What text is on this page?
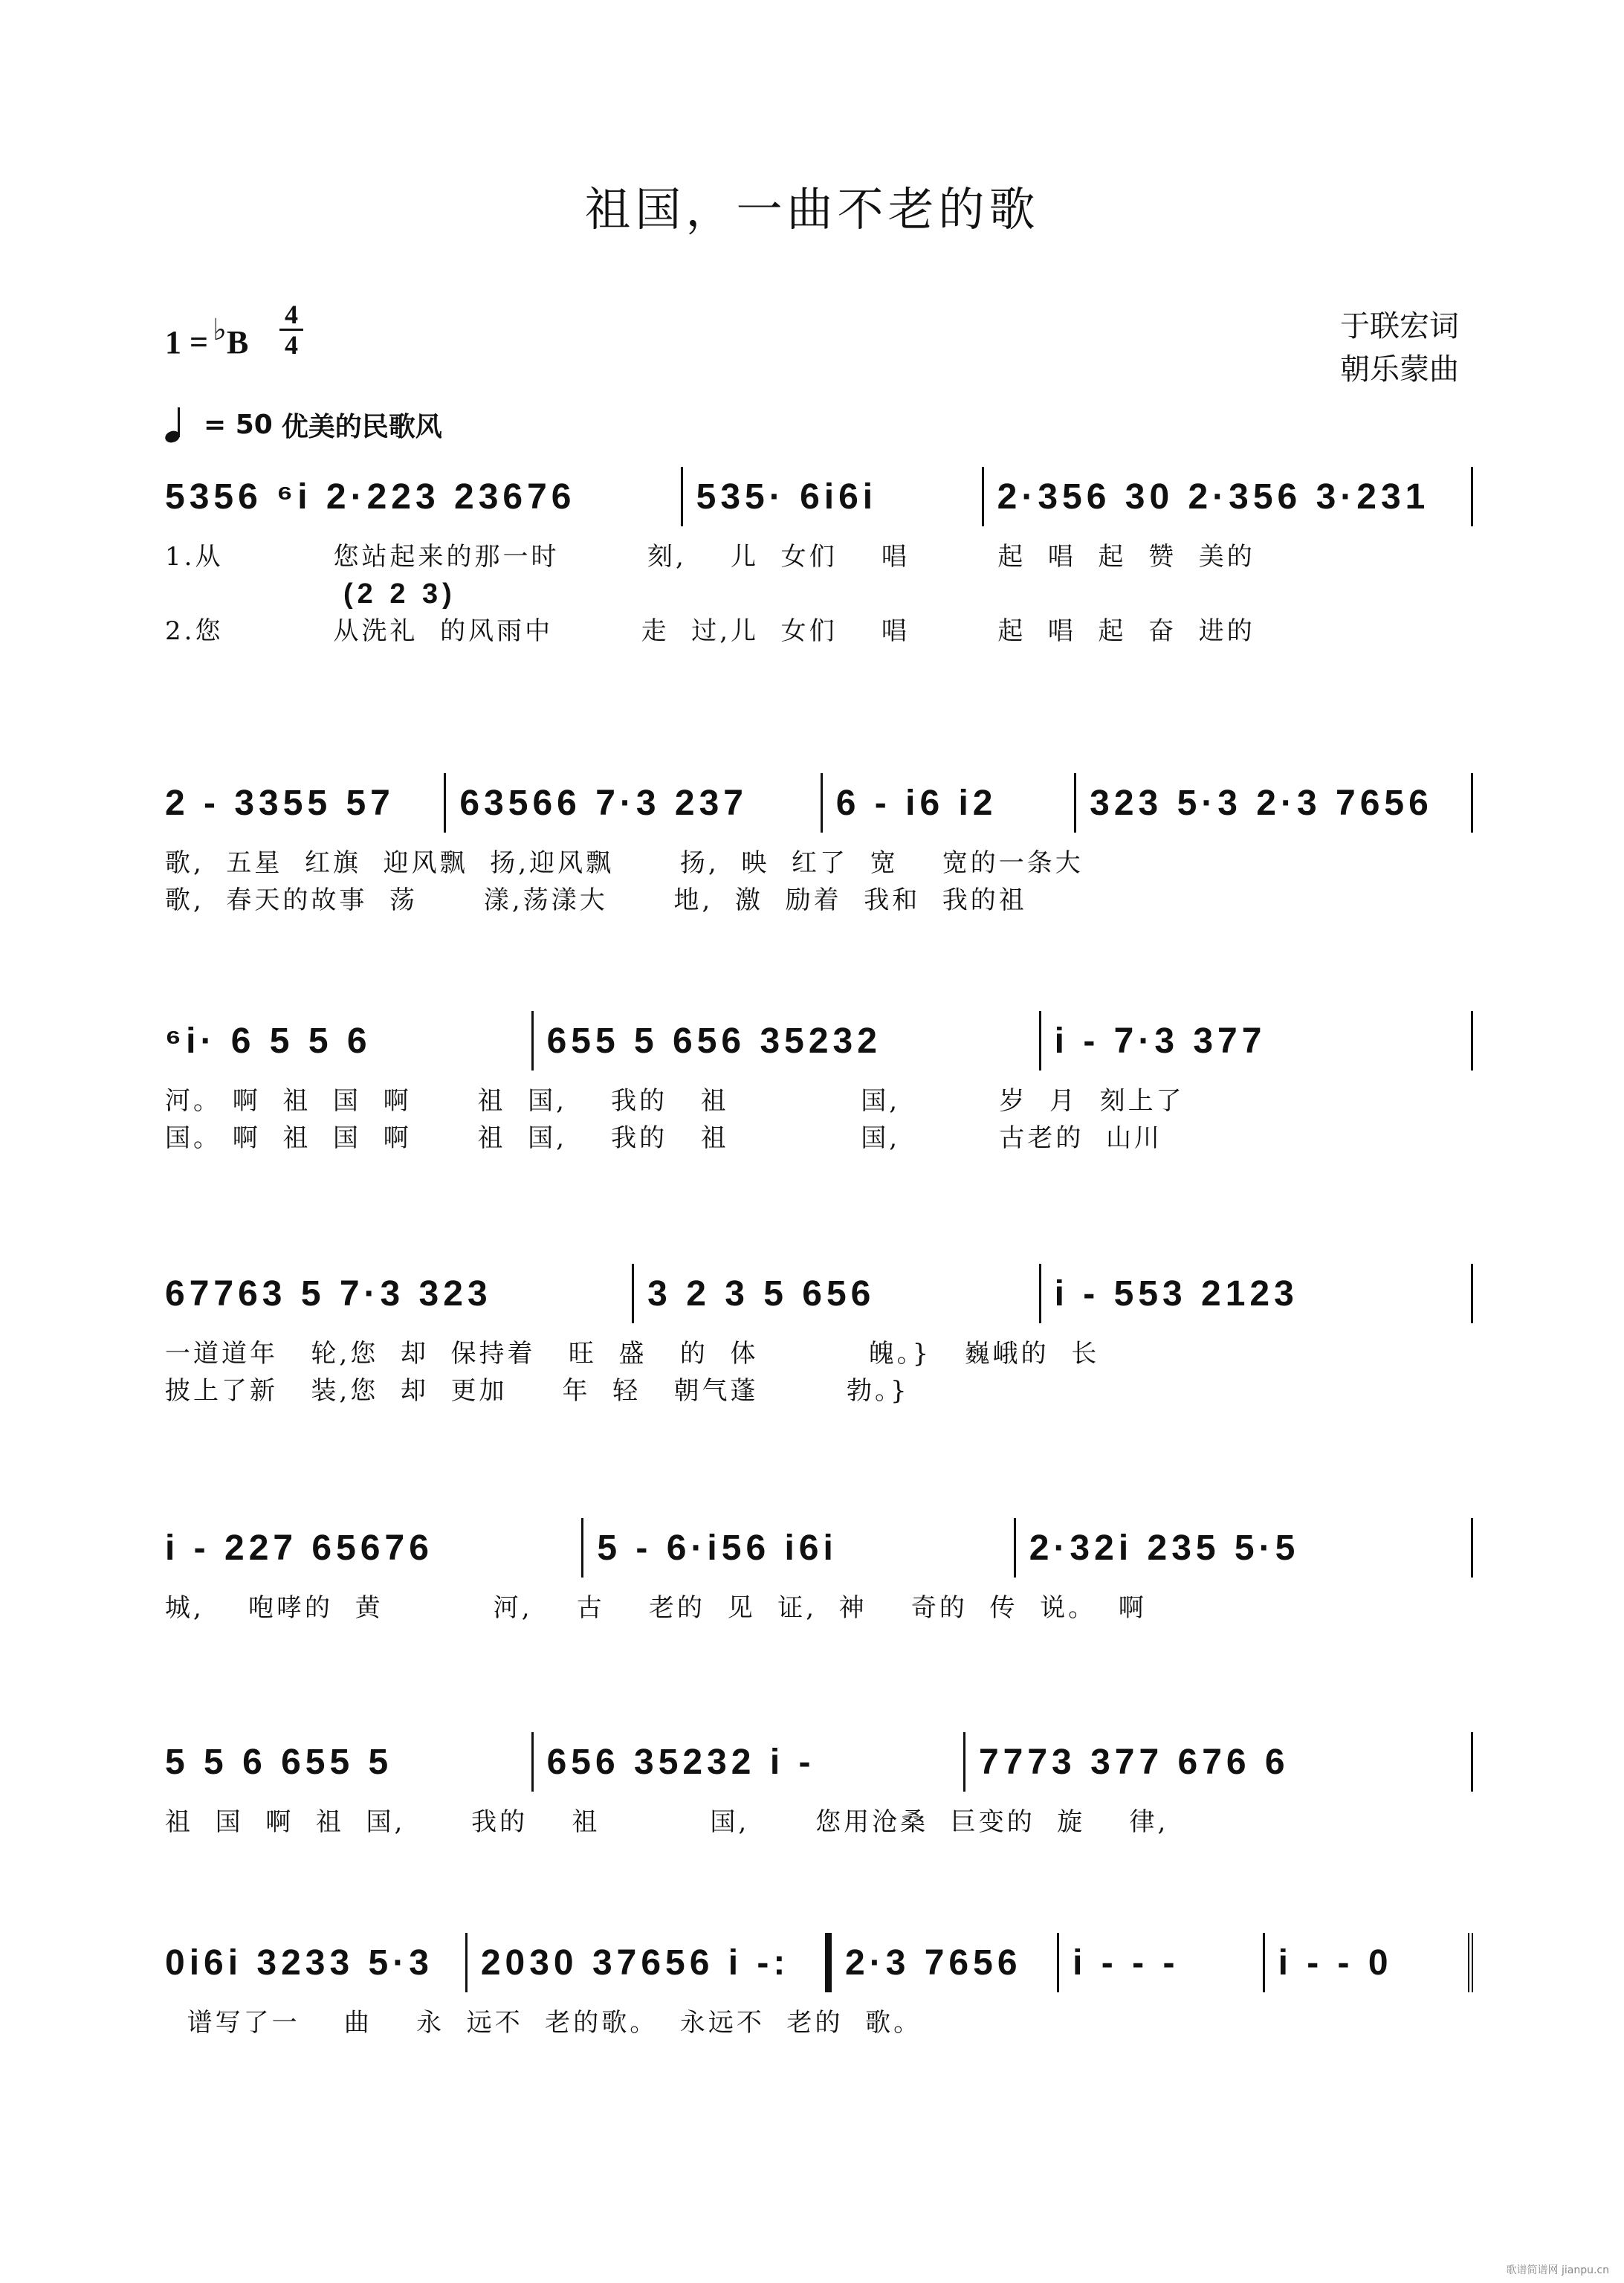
祖国，一曲不老的歌
1 = ♭B
4
4
于联宏词
朝乐蒙曲
= 50 优美的民歌风
5356 ⁶i 2·223 23676	535· 6i6i	2·356 30 2·356 3·231
1.从          您站起来的那一时        刻,    儿  女们    唱        起  唱  起  赞  美的
(2 2 3)
2.您          从洗礼  的风雨中        走  过,儿  女们    唱        起  唱  起  奋  进的
2 - 3355 57	63566 7·3 237	6 - i6 i2	323 5·3 2·3 7656
歌,  五星  红旗  迎风飘  扬,迎风飘      扬,  映  红了  宽    宽的一条大
歌,  春天的故事  荡      漾,荡漾大      地,  激  励着  我和  我的祖
⁶i· 6 5 5 6	655 5 656 35232	i - 7·3 377
河。 啊  祖  国  啊      祖  国,    我的   祖            国,         岁  月  刻上了
国。 啊  祖  国  啊      祖  国,    我的   祖            国,         古老的  山川
67763 5 7·3 323	3 2 3 5 656	i - 553 2123
一道道年   轮,您  却  保持着   旺  盛   的  体          魄。}   巍峨的  长
披上了新   装,您  却  更加     年  轻   朝气蓬        勃。}
i - 227 65676	5 - 6·i56 i6i	2·32i 235 5·5
城,    咆哮的  黄          河,    古    老的  见  证,  神    奇的  传  说。  啊
5 5 6 655 5	656 35232 i -	7773 377 676 6
祖  国  啊  祖  国,      我的    祖          国,      您用沧桑  巨变的  旋    律,
0i6i 3233 5·3	2030 37656 i -:	2·3 7656	i - - -	i - - 0
谱写了一    曲    永  远不  老的歌。  永远不  老的  歌。
歌谱简谱网 jianpu.cn
